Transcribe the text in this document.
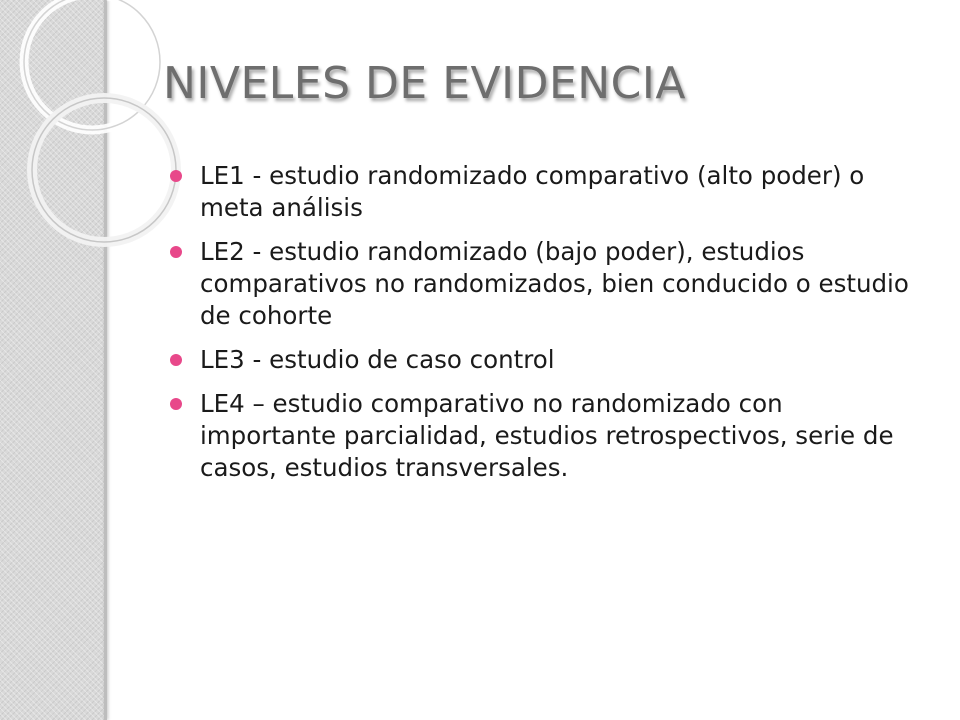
NIVELES DE EVIDENCIA
LE1 - estudio randomizado comparativo (alto poder) o meta análisis
LE2 - estudio randomizado (bajo poder), estudios comparativos no randomizados, bien conducido o estudio de cohorte
LE3 - estudio de caso control
LE4 – estudio comparativo no randomizado con importante parcialidad, estudios retrospectivos, serie de casos, estudios transversales.
